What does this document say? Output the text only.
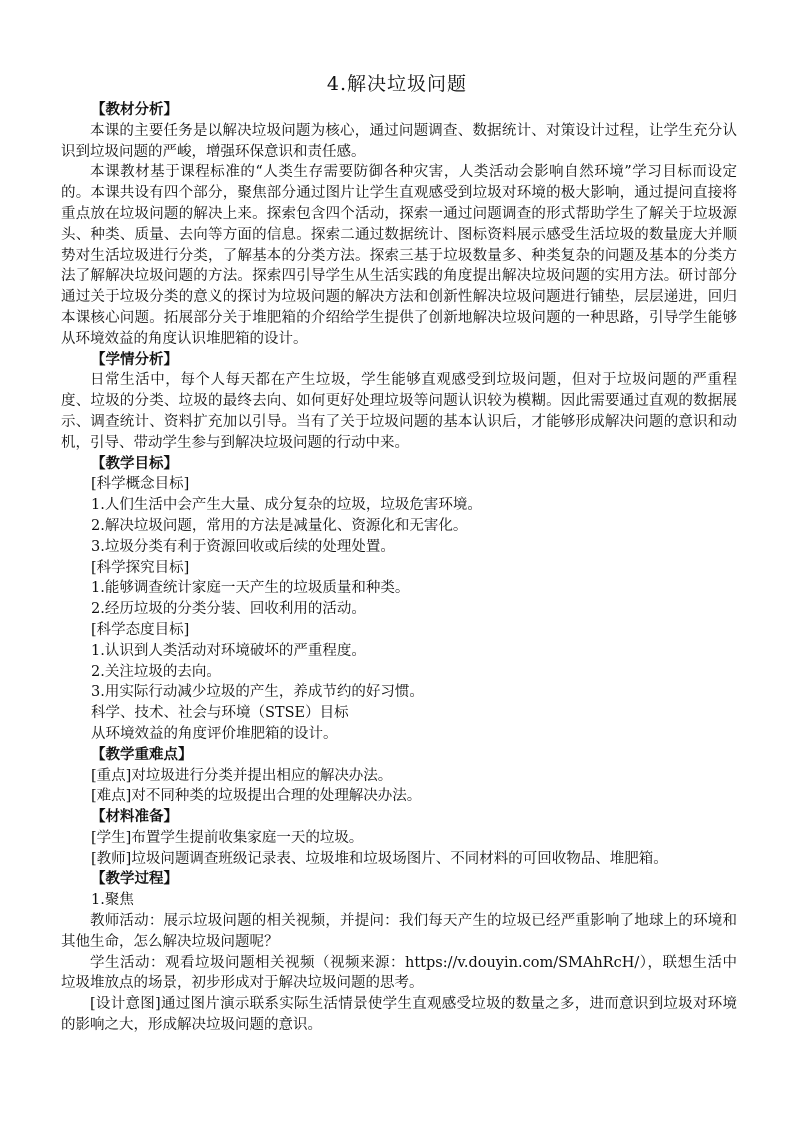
4.解决垃圾问题

【教材分析】

本课的主要任务是以解决垃圾问题为核心，通过问题调查、数据统计、对策设计过程，让学生充分认识到垃圾问题的严峻，增强环保意识和责任感。

本课教材基于课程标准的“人类生存需要防御各种灾害，人类活动会影响自然环境”学习目标而设定的。本课共设有四个部分，聚焦部分通过图片让学生直观感受到垃圾对环境的极大影响，通过提问直接将重点放在垃圾问题的解决上来。探索包含四个活动，探索一通过问题调查的形式帮助学生了解关于垃圾源头、种类、质量、去向等方面的信息。探索二通过数据统计、图标资料展示感受生活垃圾的数量庞大并顺势对生活垃圾进行分类，了解基本的分类方法。探索三基于垃圾数量多、种类复杂的问题及基本的分类方法了解解决垃圾问题的方法。探索四引导学生从生活实践的角度提出解决垃圾问题的实用方法。研讨部分通过关于垃圾分类的意义的探讨为垃圾问题的解决方法和创新性解决垃圾问题进行铺垫，层层递进，回归本课核心问题。拓展部分关于堆肥箱的介绍给学生提供了创新地解决垃圾问题的一种思路，引导学生能够从环境效益的角度认识堆肥箱的设计。

【学情分析】

日常生活中，每个人每天都在产生垃圾，学生能够直观感受到垃圾问题，但对于垃圾问题的严重程度、垃圾的分类、垃圾的最终去向、如何更好处理垃圾等问题认识较为模糊。因此需要通过直观的数据展示、调查统计、资料扩充加以引导。当有了关于垃圾问题的基本认识后，才能够形成解决问题的意识和动机，引导、带动学生参与到解决垃圾问题的行动中来。

【教学目标】

[科学概念目标]

1.人们生活中会产生大量、成分复杂的垃圾，垃圾危害环境。

2.解决垃圾问题，常用的方法是减量化、资源化和无害化。

3.垃圾分类有利于资源回收或后续的处理处置。

[科学探究目标]

1.能够调查统计家庭一天产生的垃圾质量和种类。

2.经历垃圾的分类分装、回收利用的活动。

[科学态度目标]

1.认识到人类活动对环境破坏的严重程度。

2.关注垃圾的去向。

3.用实际行动减少垃圾的产生，养成节约的好习惯。

科学、技术、社会与环境（STSE）目标

从环境效益的角度评价堆肥箱的设计。

【教学重难点】

[重点]对垃圾进行分类并提出相应的解决办法。

[难点]对不同种类的垃圾提出合理的处理解决办法。

【材料准备】

[学生]布置学生提前收集家庭一天的垃圾。

[教师]垃圾问题调查班级记录表、垃圾堆和垃圾场图片、不同材料的可回收物品、堆肥箱。

【教学过程】

1.聚焦

教师活动：展示垃圾问题的相关视频，并提问：我们每天产生的垃圾已经严重影响了地球上的环境和其他生命，怎么解决垃圾问题呢？

学生活动：观看垃圾问题相关视频（视频来源：https://v.douyin.com/SMAhRcH/），联想生活中垃圾堆放点的场景，初步形成对于解决垃圾问题的思考。

[设计意图]通过图片演示联系实际生活情景使学生直观感受垃圾的数量之多，进而意识到垃圾对环境的影响之大，形成解决垃圾问题的意识。
